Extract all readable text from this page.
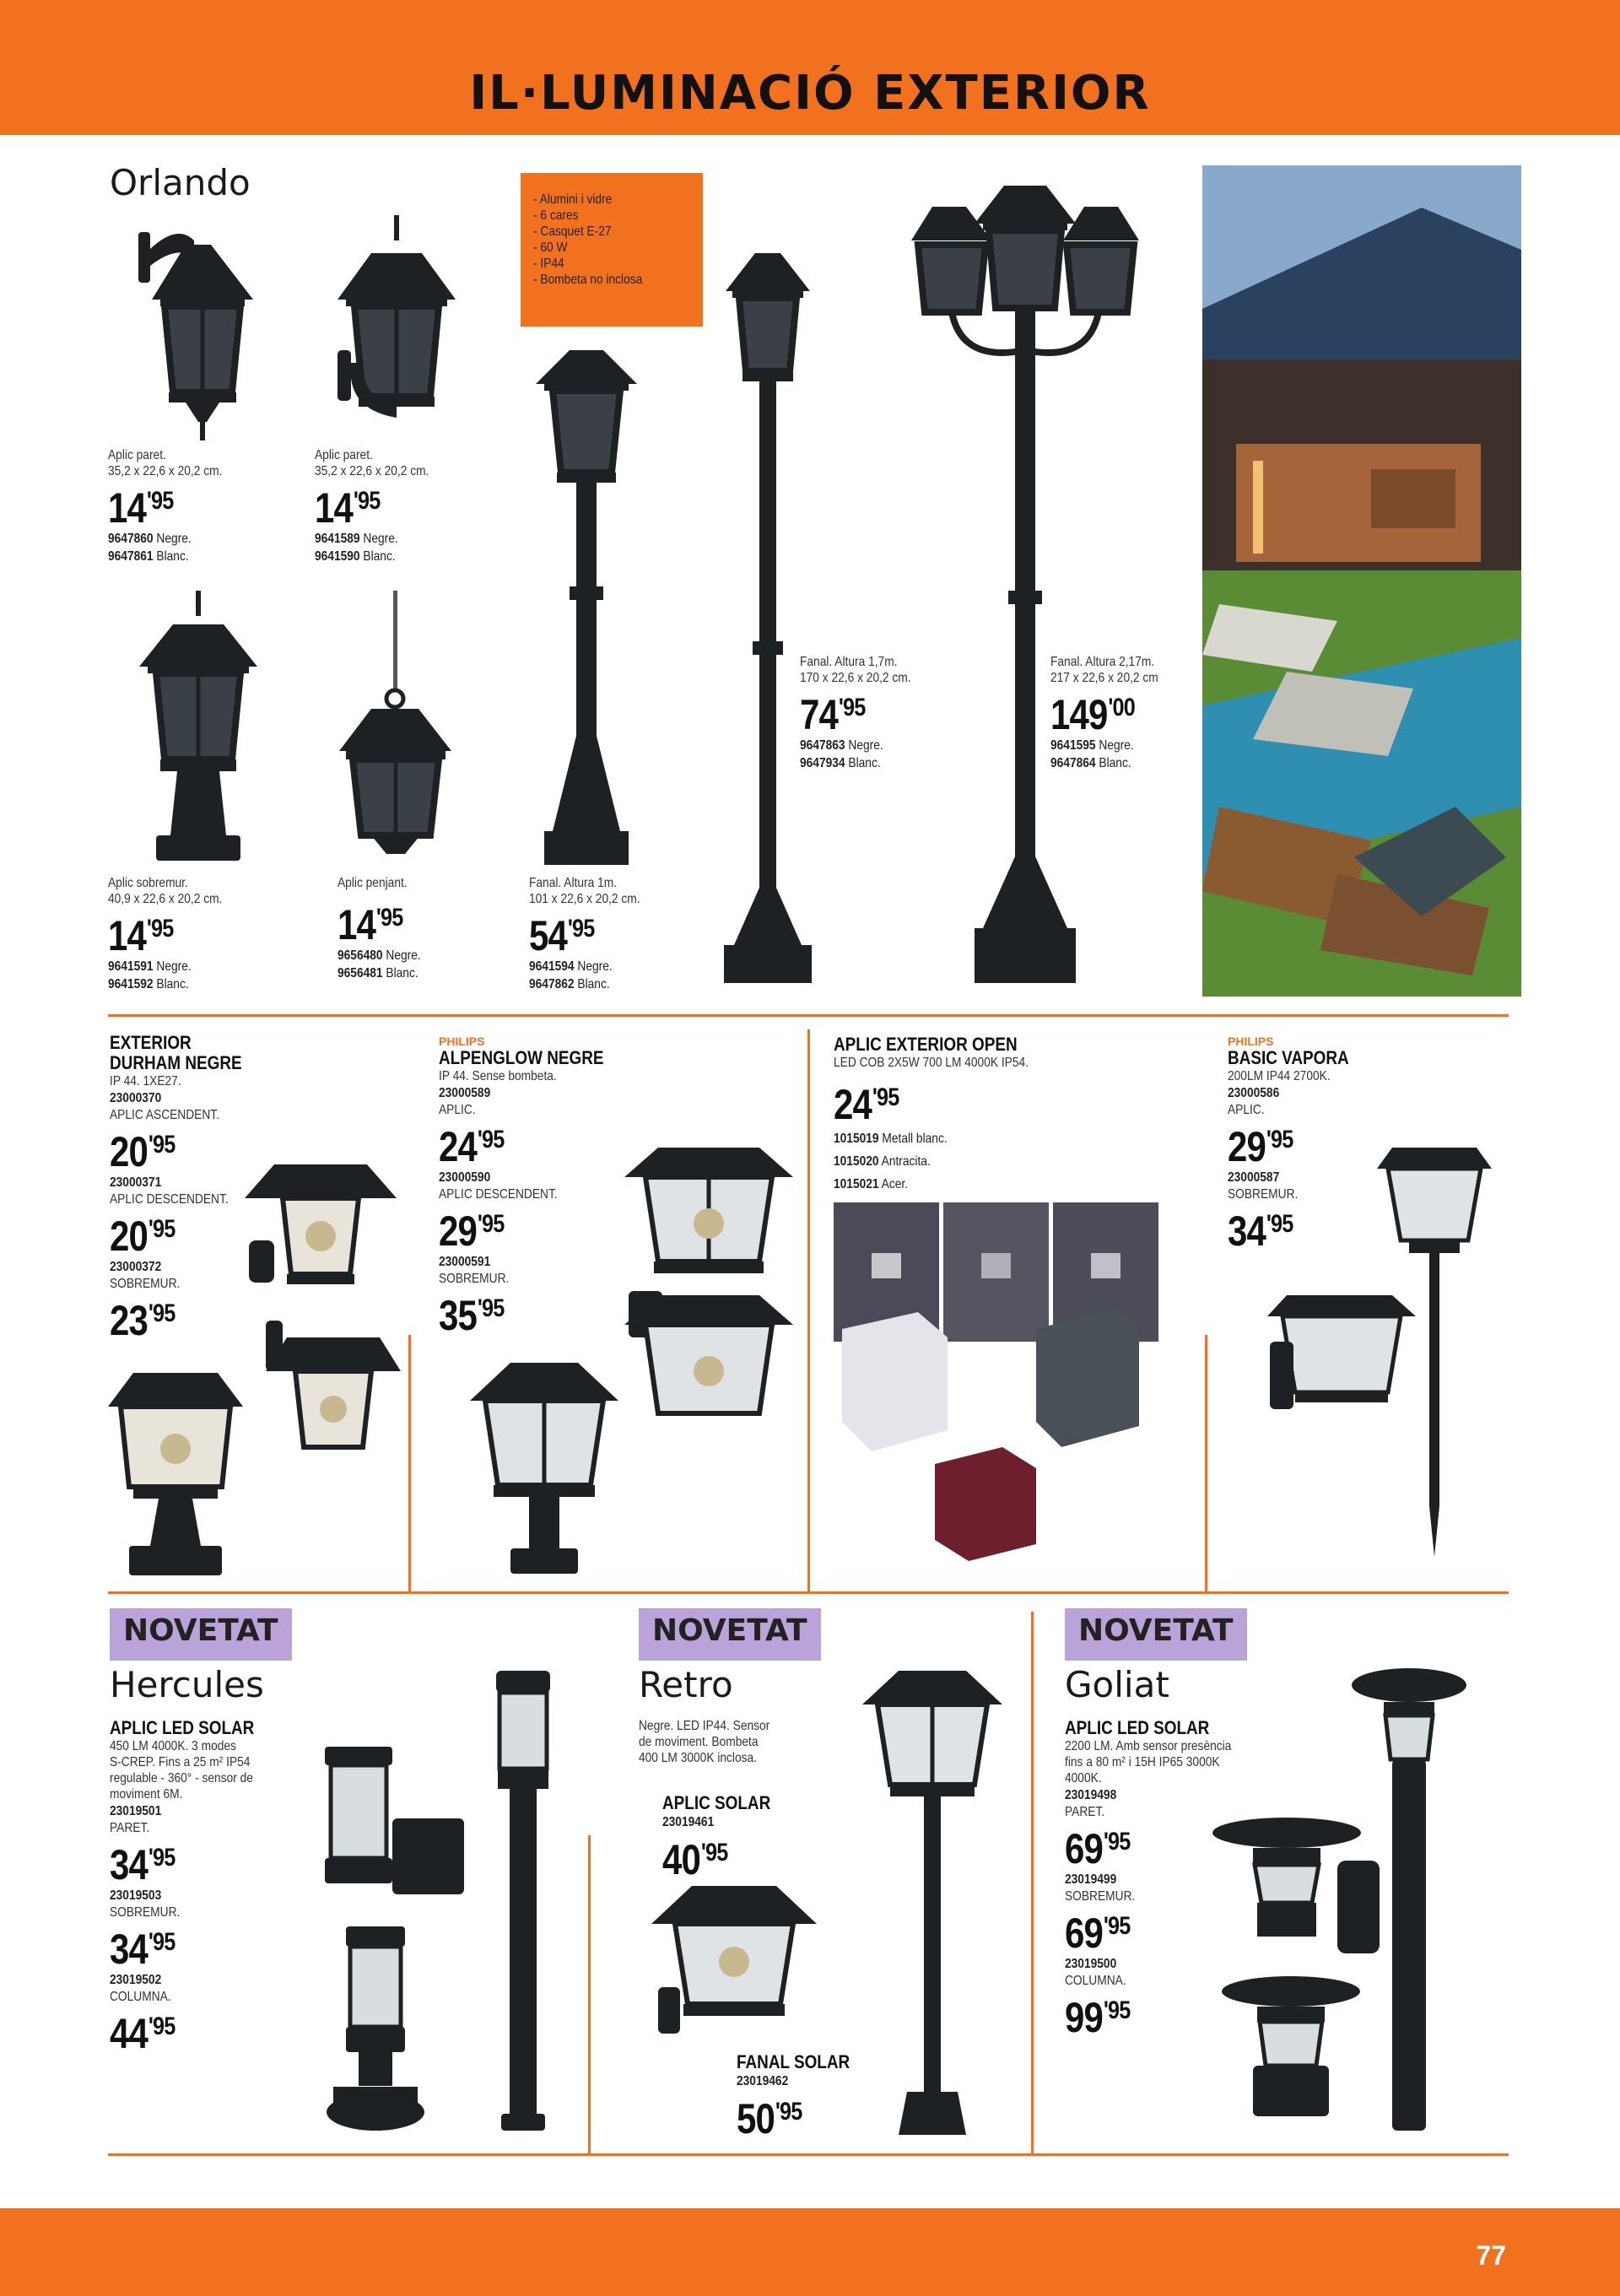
IL·LUMINACIÓ EXTERIOR
Orlando	- Alumini i vidre
- 6 cares
- Casquet E-27
- 60 W
- IP44
- Bombeta no inclosa
Aplic paret.
35,2 x 22,6 x 20,2 cm.
$14^{'95}$
9647860 Negre.
9647861 Blanc.
Aplic paret.
35,2 x 22,6 x 20,2 cm.
$14^{'95}$
9641589 Negre.
9641590 Blanc.
Aplic sobremur.
40,9 x 22,6 x 20,2 cm.
$14^{'95}$
9641591 Negre.
9641592 Blanc.
Aplic penjant.
$14^{'95}$
9656480 Negre.
9656481 Blanc.
Fanal. Altura 1m.
101 x 22,6 x 20,2 cm.
$54^{'95}$
9641594 Negre.
9647862 Blanc.
Fanal. Altura 1,7m.
170 x 22,6 x 20,2 cm.
$74^{'95}$
9647863 Negre.
9647934 Blanc.
Fanal. Altura 2,17m.
217 x 22,6 x 20,2 cm
$149^{'00}$
9641595 Negre.
9647864 Blanc.
EXTERIOR
DURHAM NEGRE
IP 44. 1XE27.
23000370
APLIC ASCENDENT.
$20^{'95}$
23000371
APLIC DESCENDENT.
$20^{'95}$
23000372
SOBREMUR.
$23^{'95}$
PHILIPS
ALPENGLOW NEGRE
IP 44. Sense bombeta.
23000589
APLIC.
$24^{'95}$
23000590
APLIC DESCENDENT.
$29^{'95}$
23000591
SOBREMUR.
$35^{'95}$
APLIC EXTERIOR OPEN
LED COB 2X5W 700 LM 4000K IP54.
$24^{'95}$
1015019 Metall blanc.
1015020 Antracita.
1015021 Acer.
PHILIPS
BASIC VAPORA
200LM IP44 2700K.
23000586
APLIC.
$29^{'95}$
23000587
SOBREMUR.
$34^{'95}$
NOVETAT
Hercules
APLIC LED SOLAR
450 LM 4000K. 3 modes
S-CREP. Fins a 25 m² IP54
regulable - 360° - sensor de
moviment 6M.
23019501
PARET.
$34^{'95}$
23019503
SOBREMUR.
$34^{'95}$
23019502
COLUMNA.
$44^{'95}$
NOVETAT
Retro
Negre. LED IP44. Sensor
de moviment. Bombeta
400 LM 3000K inclosa.
APLIC SOLAR
23019461
$40^{'95}$
FANAL SOLAR
23019462
$50^{'95}$
NOVETAT
Goliat
APLIC LED SOLAR
2200 LM. Amb sensor presència
fins a 80 m² i 15H IP65 3000K
4000K.
23019498
PARET.
$69^{'95}$
23019499
SOBREMUR.
$69^{'95}$
23019500
COLUMNA.
$99^{'95}$
77
